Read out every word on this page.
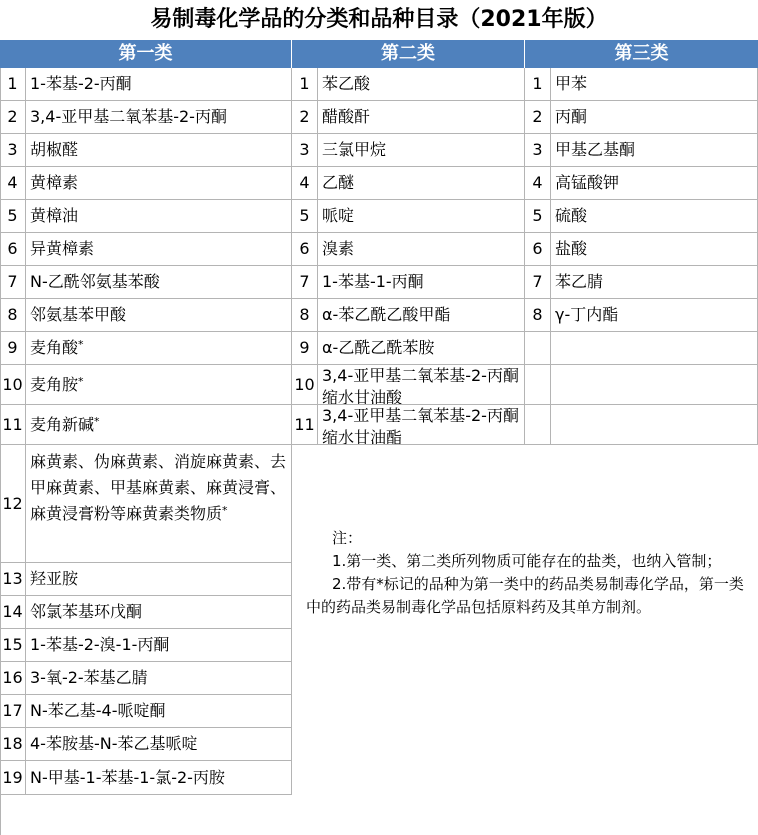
易制毒化学品的分类和品种目录（2021年版）
第一类	第二类	第三类
1 1-苯基-2-丙酮
2 3,4-亚甲基二氧苯基-2-丙酮
3 胡椒醛
4 黄樟素
5 黄樟油
6 异黄樟素
7 N-乙酰邻氨基苯酸
8 邻氨基苯甲酸
9 麦角酸*
10 麦角胺*
11 麦角新碱*
12
麻黄素、伪麻黄素、消旋麻黄素、去甲麻黄素、甲基麻黄素、麻黄浸膏、麻黄浸膏粉等麻黄素类物质*
13 羟亚胺
14 邻氯苯基环戊酮
15 1-苯基-2-溴-1-丙酮
16 3-氧-2-苯基乙腈
17 N-苯乙基-4-哌啶酮
18 4-苯胺基-N-苯乙基哌啶
19 N-甲基-1-苯基-1-氯-2-丙胺
1 苯乙酸
2 醋酸酐
3 三氯甲烷
4 乙醚
5 哌啶
6 溴素
7 1-苯基-1-丙酮
8 α-苯乙酰乙酸甲酯
9 α-乙酰乙酰苯胺
10 3,4-亚甲基二氧苯基-2-丙酮缩水甘油酸
11 3,4-亚甲基二氧苯基-2-丙酮缩水甘油酯
1 甲苯
2 丙酮
3 甲基乙基酮
4 高锰酸钾
5 硫酸
6 盐酸
7 苯乙腈
8 γ-丁内酯

注：

1.第一类、第二类所列物质可能存在的盐类，也纳入管制；

2.带有*标记的品种为第一类中的药品类易制毒化学品，第一类中的药品类易制毒化学品包括原料药及其单方制剂。
